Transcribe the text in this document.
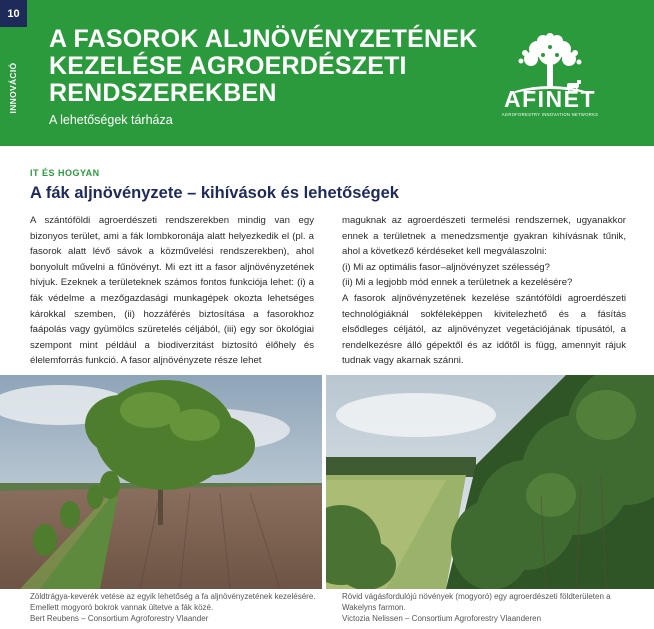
10
INNOVÁCIÓ
A FASOROK ALJNÖVÉNYZETÉNEK KEZELÉSE AGROERDÉSZETI RENDSZEREKBEN
A lehetőségek tárháza
AFINET
AGROFORESTRY INNOVATION NETWORKS
IT ÉS HOGYAN
A fák aljnövényzete – kihívások és lehetőségek

A szántóföldi agroerdészeti rendszerekben mindig van egy bizonyos terület, ami a fák lombkoronája alatt helyezkedik el (pl. a fasorok alatt lévő sávok a közművelési rendszerekben), ahol bonyolult művelni a fűnövényt. Mi ezt itt a fasor aljnövényzetének hívjuk. Ezeknek a területeknek számos fontos funkciója lehet: (i) a fák védelme a mezőgazdasági munkagépek okozta lehetséges károkkal szemben, (ii) hozzáférés biztosítása a fasorokhoz faápolás vagy gyümölcs szüretelés céljából, (iii) egy sor ökológiai szempont mint például a biodiverzitást biztosító élőhely és élelemforrás funkció. A fasor aljnövényzete része lehet

maguknak az agroerdészeti termelési rendszernek, ugyanakkor ennek a területnek a menedzsmentje gyakran kihívásnak tűnik, ahol a következő kérdéseket kell megválaszolni:

(i) Mi az optimális fasor–aljnövényzet szélesség?
(ii) Mi a legjobb mód ennek a területnek a kezelésére?

A fasorok aljnövényzetének kezelése szántóföldi agroerdészeti technológiáknál sokféleképpen kivitelezhető és a fásítás elsődleges céljától, az aljnövényzet vegetációjának típusától, a rendelkezésre álló gépektől és az időtől is függ, amennyit rájuk tudnak vagy akarnak szánni.

Zöldtrágya-keverék vetése az egyik lehetőség a fa aljnövényzetének kezelésére. Emellett mogyoró bokrok vannak ültetve a fák közé.
Bert Reubens – Consortium Agroforestry Vlaander
Rövid vágásfordulójú növények (mogyoró) egy agroerdészeti földterületen a Wakelyns farmon.
Victozia Nelissen – Consortium Agroforestry Vlaanderen
